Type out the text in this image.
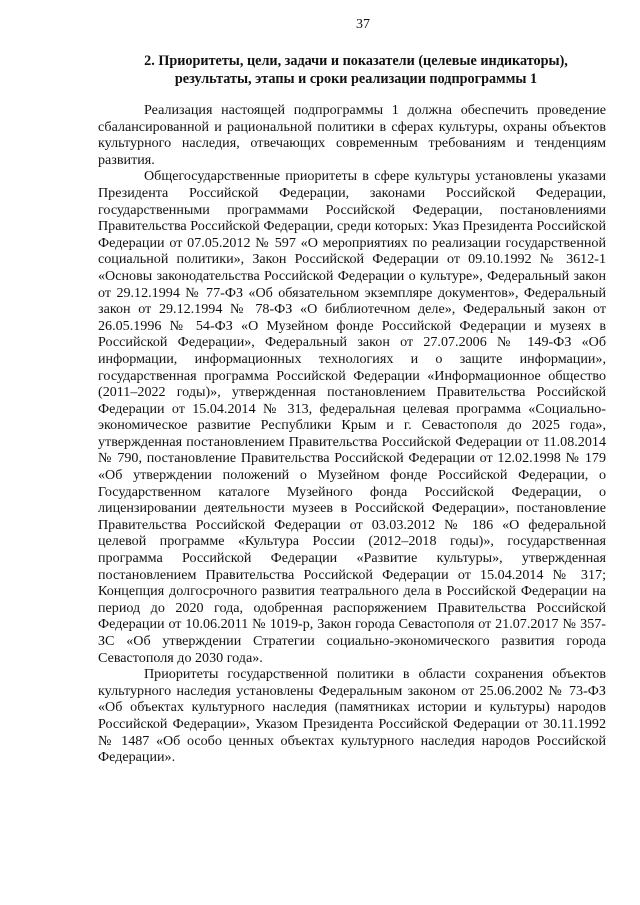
37
2. Приоритеты, цели, задачи и показатели (целевые индикаторы),
результаты, этапы и сроки реализации подпрограммы 1

Реализация настоящей подпрограммы 1 должна обеспечить проведение сбалансированной и рациональной политики в сферах культуры, охраны объектов культурного наследия, отвечающих современным требованиям и тенденциям развития.

Общегосударственные приоритеты в сфере культуры установлены указами Президента Российской Федерации, законами Российской Федерации, государственными программами Российской Федерации, постановлениями Правительства Российской Федерации, среди которых: Указ Президента Российской Федерации от 07.05.2012 № 597 «О мероприятиях по реализации государственной социальной политики», Закон Российской Федерации от 09.10.1992 № 3612-1 «Основы законодательства Российской Федерации о культуре», Федеральный закон от 29.12.1994 № 77-ФЗ «Об обязательном экземпляре документов», Федеральный закон от 29.12.1994 № 78-ФЗ «О библиотечном деле», Федеральный закон от 26.05.1996 № 54-ФЗ «О Музейном фонде Российской Федерации и музеях в Российской Федерации», Федеральный закон от 27.07.2006 № 149-ФЗ «Об информации, информационных технологиях и о защите информации», государственная программа Российской Федерации «Информационное общество (2011–2022 годы)», утвержденная постановлением Правительства Российской Федерации от 15.04.2014 № 313, федеральная целевая программа «Социально-экономическое развитие Республики Крым и г. Севастополя до 2025 года», утвержденная постановлением Правительства Российской Федерации от 11.08.2014 № 790, постановление Правительства Российской Федерации от 12.02.1998 № 179 «Об утверждении положений о Музейном фонде Российской Федерации, о Государственном каталоге Музейного фонда Российской Федерации, о лицензировании деятельности музеев в Российской Федерации», постановление Правительства Российской Федерации от 03.03.2012 № 186 «О федеральной целевой программе «Культура России (2012–2018 годы)», государственная программа Российской Федерации «Развитие культуры», утвержденная постановлением Правительства Российской Федерации от 15.04.2014 № 317; Концепция долгосрочного развития театрального дела в Российской Федерации на период до 2020 года, одобренная распоряжением Правительства Российской Федерации от 10.06.2011 № 1019-р, Закон города Севастополя от 21.07.2017 № 357-ЗС «Об утверждении Стратегии социально-экономического развития города Севастополя до 2030 года».

Приоритеты государственной политики в области сохранения объектов культурного наследия установлены Федеральным законом от 25.06.2002 № 73-ФЗ «Об объектах культурного наследия (памятниках истории и культуры) народов Российской Федерации», Указом Президента Российской Федерации от 30.11.1992 № 1487 «Об особо ценных объектах культурного наследия народов Российской Федерации».
